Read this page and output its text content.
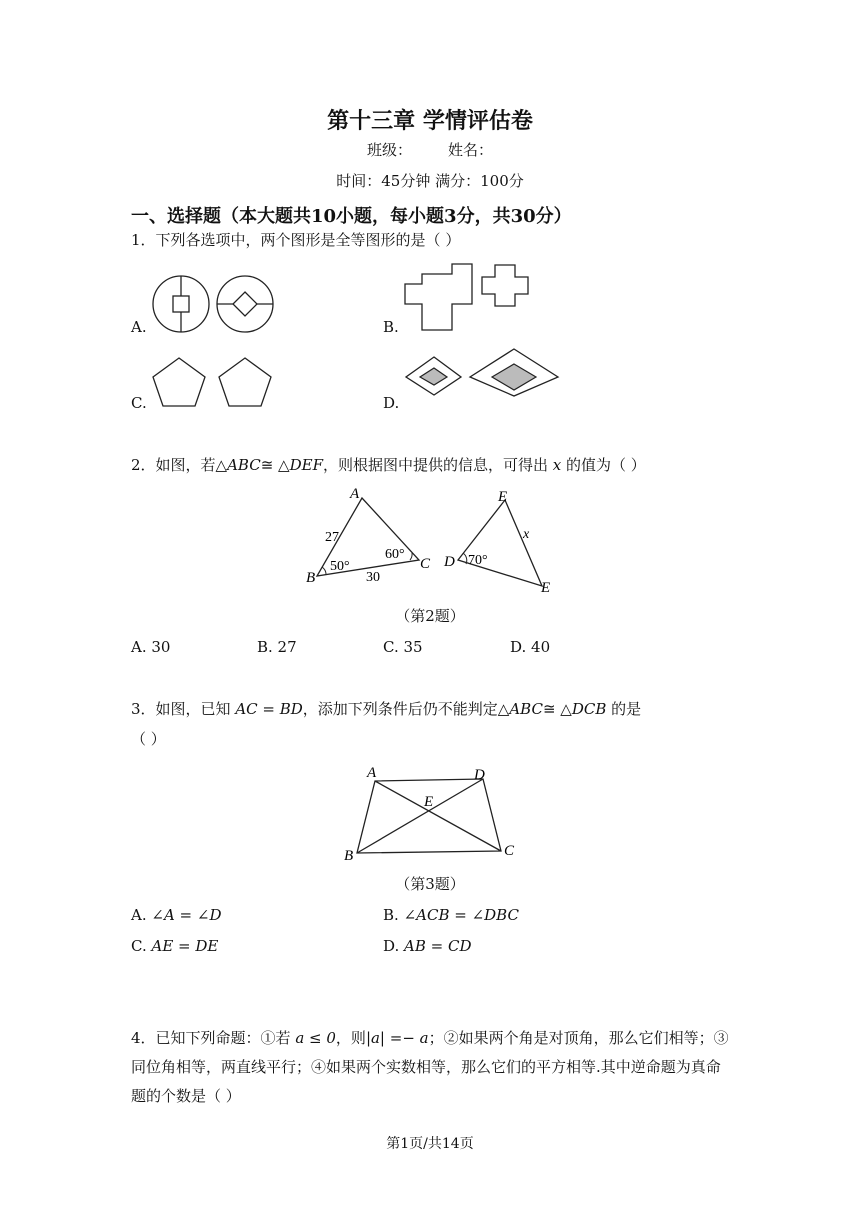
第十三章 学情评估卷
班级： 姓名：
时间：45分钟 满分：100分
一、选择题（本大题共10小题，每小题3分，共30分）
1．下列各选项中，两个图形是全等图形的是（ ）
A.	B.
C.	D.
2．如图，若△ABC≅ △DEF，则根据图中提供的信息，可得出 x 的值为（ ）
A
B
C
27
30
50°
60°	D 70°
E
x
E
（第2题）
A. 30	B. 27	C. 35	D. 40
3．如图，已知 AC = BD，添加下列条件后仍不能判定△ABC≅ △DCB 的是
（ ）
A	D
E
B	C
（第3题）
A. ∠A = ∠D	B. ∠ACB = ∠DBC
C. AE = DE	D. AB = CD
4．已知下列命题：①若 a ≤ 0，则|a| =− a；②如果两个角是对顶角，那么它们相等；③同位角相等，两直线平行；④如果两个实数相等，那么它们的平方相等.其中逆命题为真命题的个数是（ ）
第1页/共14页
